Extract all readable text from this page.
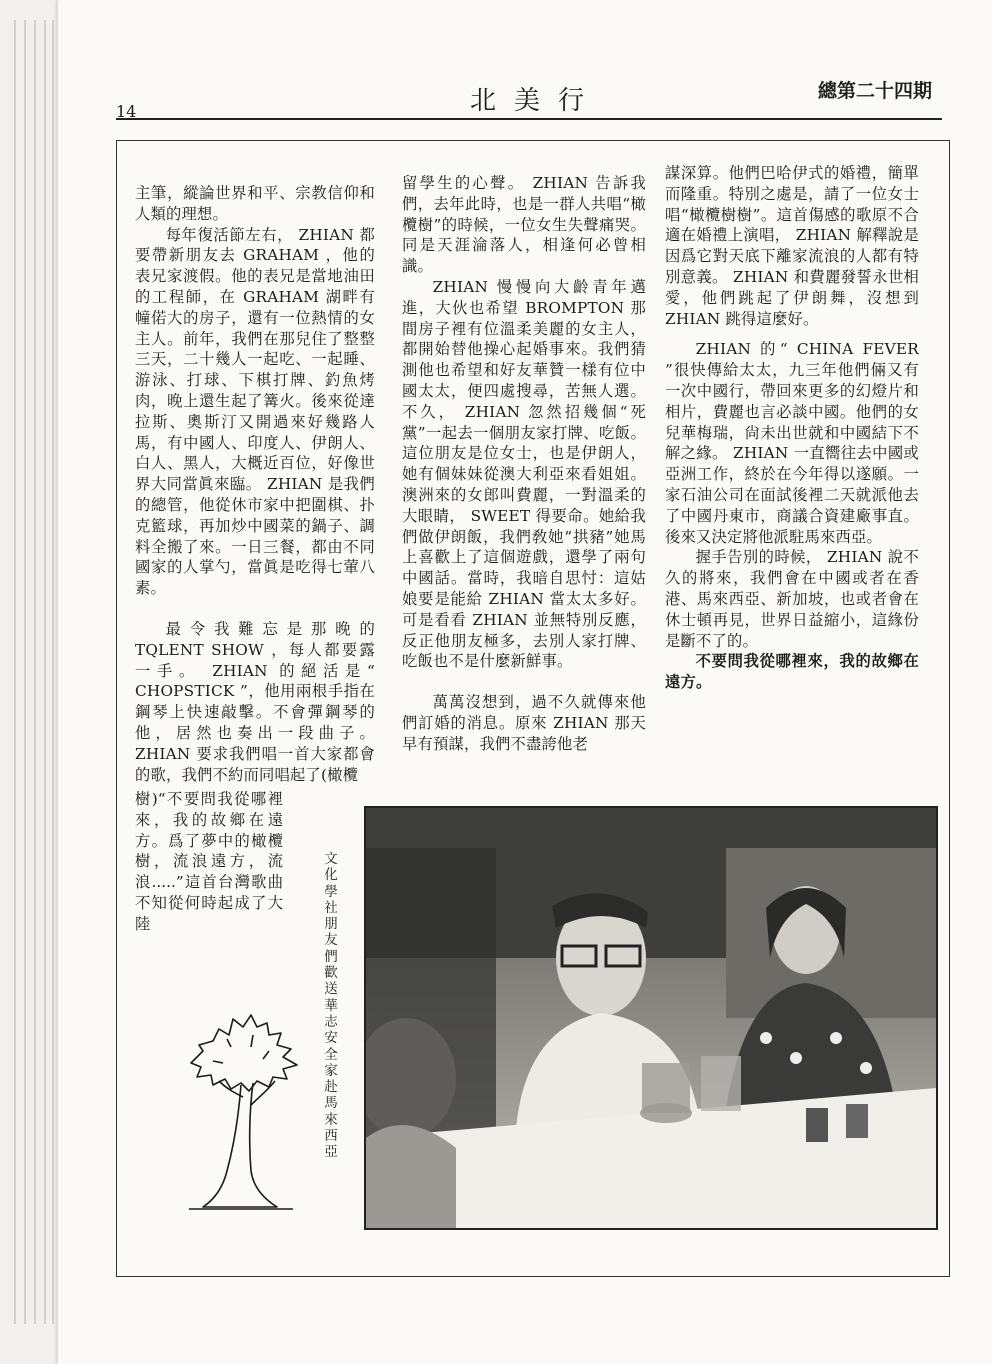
14	北美行	總第二十四期

主筆，縱論世界和平、宗教信仰和人類的理想。

每年復活節左右， ZHIAN 都要帶新朋友去 GRAHAM ，他的表兄家渡假。他的表兄是當地油田的工程師，在 GRAHAM 湖畔有幢偌大的房子，還有一位熱情的女主人。前年，我們在那兒住了整整三天，二十幾人一起吃、一起睡、游泳、打球、下棋打牌、釣魚烤肉，晚上還生起了篝火。後來從達拉斯、奧斯汀又開過來好幾路人馬，有中國人、印度人、伊朗人、白人、黑人，大概近百位，好像世界大同當眞來臨。 ZHIAN 是我們的總管，他從休市家中把圍棋、扑克籃球，再加炒中國菜的鍋子、調料全搬了來。一日三餐，都由不同國家的人掌勺，當眞是吃得七葷八素。

最令我難忘是那晚的 TQLENT SHOW ，每人都要露一手。 ZHIAN 的絕活是“ CHOPSTICK ”，他用兩根手指在鋼琴上快速敲擊。不會彈鋼琴的他，居然也奏出一段曲子。 ZHIAN 要求我們唱一首大家都會的歌，我們不約而同唱起了(橄欖

樹)“不要問我從哪裡來，我的故鄉在遠方。爲了夢中的橄欖樹，流浪遠方，流浪.....”這首台灣歌曲不知從何時起成了大陸

留學生的心聲。 ZHIAN 告訴我們，去年此時，也是一群人共唱“橄欖樹”的時候，一位女生失聲痛哭。同是天涯淪落人，相逢何必曾相識。

ZHIAN 慢慢向大齡青年邁進，大伙也希望 BROMPTON 那間房子裡有位溫柔美麗的女主人，都開始替他操心起婚事來。我們猜測他也希望和好友華贊一樣有位中國太太，便四處搜尋，苦無人選。不久， ZHIAN 忽然招幾個“死黨”一起去一個朋友家打牌、吃飯。這位朋友是位女士，也是伊朗人，她有個妹妹從澳大利亞來看姐姐。澳洲來的女郎叫費麗，一對溫柔的大眼睛， SWEET 得要命。她給我們做伊朗飯，我們敎她“拱豬”她馬上喜歡上了這個遊戲，還學了兩句中國話。當時，我暗自思忖：這姑娘要是能給 ZHIAN 當太太多好。可是看看 ZHIAN 並無特別反應，反正他朋友極多，去別人家打牌、吃飯也不是什麼新鮮事。

萬萬沒想到，過不久就傳來他們訂婚的消息。原來 ZHIAN 那天早有預謀，我們不盡誇他老

謀深算。他們巴哈伊式的婚禮，簡單而隆重。特別之處是，請了一位女士唱“橄欖樹樹”。這首傷感的歌原不合適在婚禮上演唱， ZHIAN 解釋說是因爲它對天底下離家流浪的人都有特別意義。 ZHIAN 和費麗發誓永世相愛，他們跳起了伊朗舞，沒想到 ZHIAN 跳得這麼好。

ZHIAN 的“ CHINA FEVER ”很快傳給太太，九三年他們倆又有一次中國行，帶回來更多的幻燈片和相片，費麗也言必談中國。他們的女兒華梅瑞，尙未出世就和中國結下不解之緣。 ZHIAN 一直嚮往去中國或亞洲工作，終於在今年得以遂願。一家石油公司在面試後裡二天就派他去了中國丹東市，商議合資建廠事直。後來又決定將他派駐馬來西亞。

握手告別的時候， ZHIAN 說不久的將來，我們會在中國或者在香港、馬來西亞、新加坡，也或者會在休士頓再見，世界日益縮小，這緣份是斷不了的。

不要問我從哪裡來，我的故鄉在遠方。

文化學社朋友們歡送華志安全家赴馬來西亞
